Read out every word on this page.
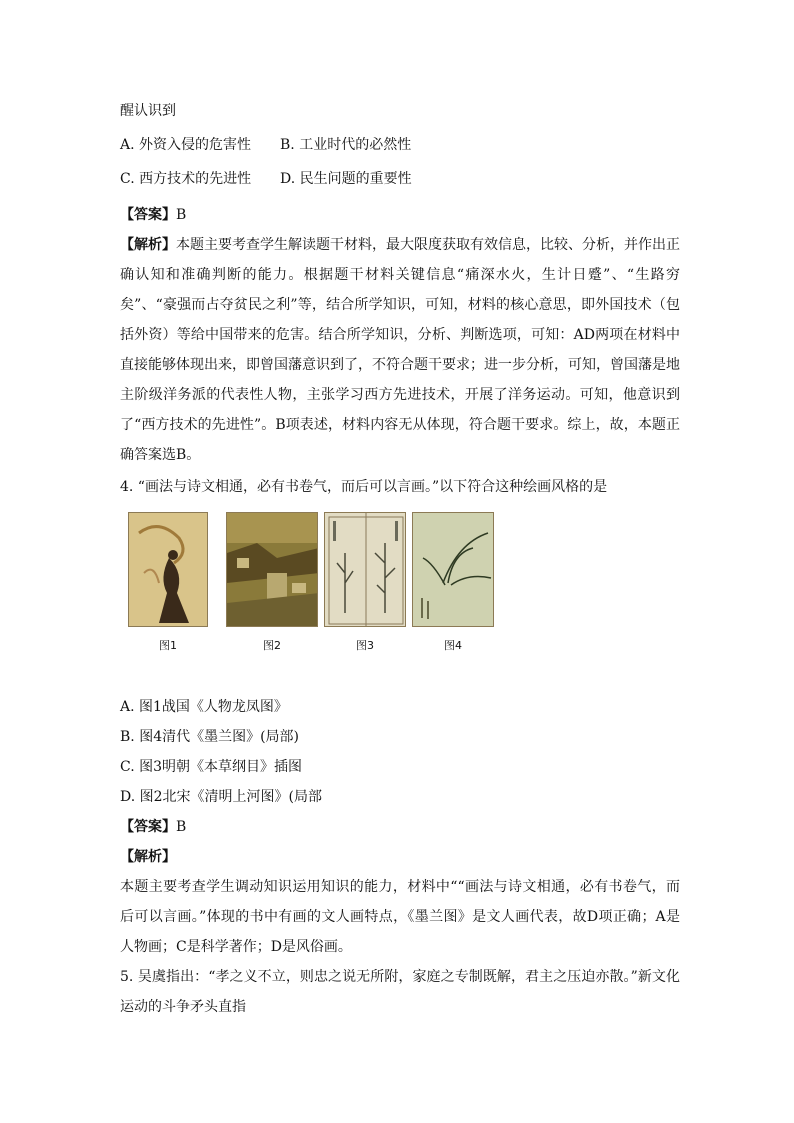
醒认识到

A. 外资入侵的危害性	B. 工业时代的必然性
C. 西方技术的先进性	D. 民生问题的重要性

【答案】B

【解析】本题主要考查学生解读题干材料，最大限度获取有效信息，比较、分析，并作出正确认知和准确判断的能力。根据题干材料关键信息“痛深水火，生计日蹙”、“生路穷矣”、“豪强而占夺贫民之利”等，结合所学知识，可知，材料的核心意思，即外国技术（包括外资）等给中国带来的危害。结合所学知识，分析、判断选项，可知：AD两项在材料中直接能够体现出来，即曾国藩意识到了，不符合题干要求；进一步分析，可知，曾国藩是地主阶级洋务派的代表性人物，主张学习西方先进技术，开展了洋务运动。可知，他意识到了“西方技术的先进性”。B项表述，材料内容无从体现，符合题干要求。综上，故，本题正确答案选B。

4. “画法与诗文相通，必有书卷气，而后可以言画。”以下符合这种绘画风格的是

图1	图2	图3	图4

A. 图1战国《人物龙凤图》

B. 图4清代《墨兰图》(局部)

C. 图3明朝《本草纲目》插图

D. 图2北宋《清明上河图》(局部

【答案】B

【解析】

本题主要考查学生调动知识运用知识的能力，材料中““画法与诗文相通，必有书卷气，而后可以言画。”体现的书中有画的文人画特点，《墨兰图》是文人画代表，故D项正确；A是人物画；C是科学著作；D是风俗画。

5. 吴虞指出：“孝之义不立，则忠之说无所附，家庭之专制既解，君主之压迫亦散。”新文化运动的斗争矛头直指
